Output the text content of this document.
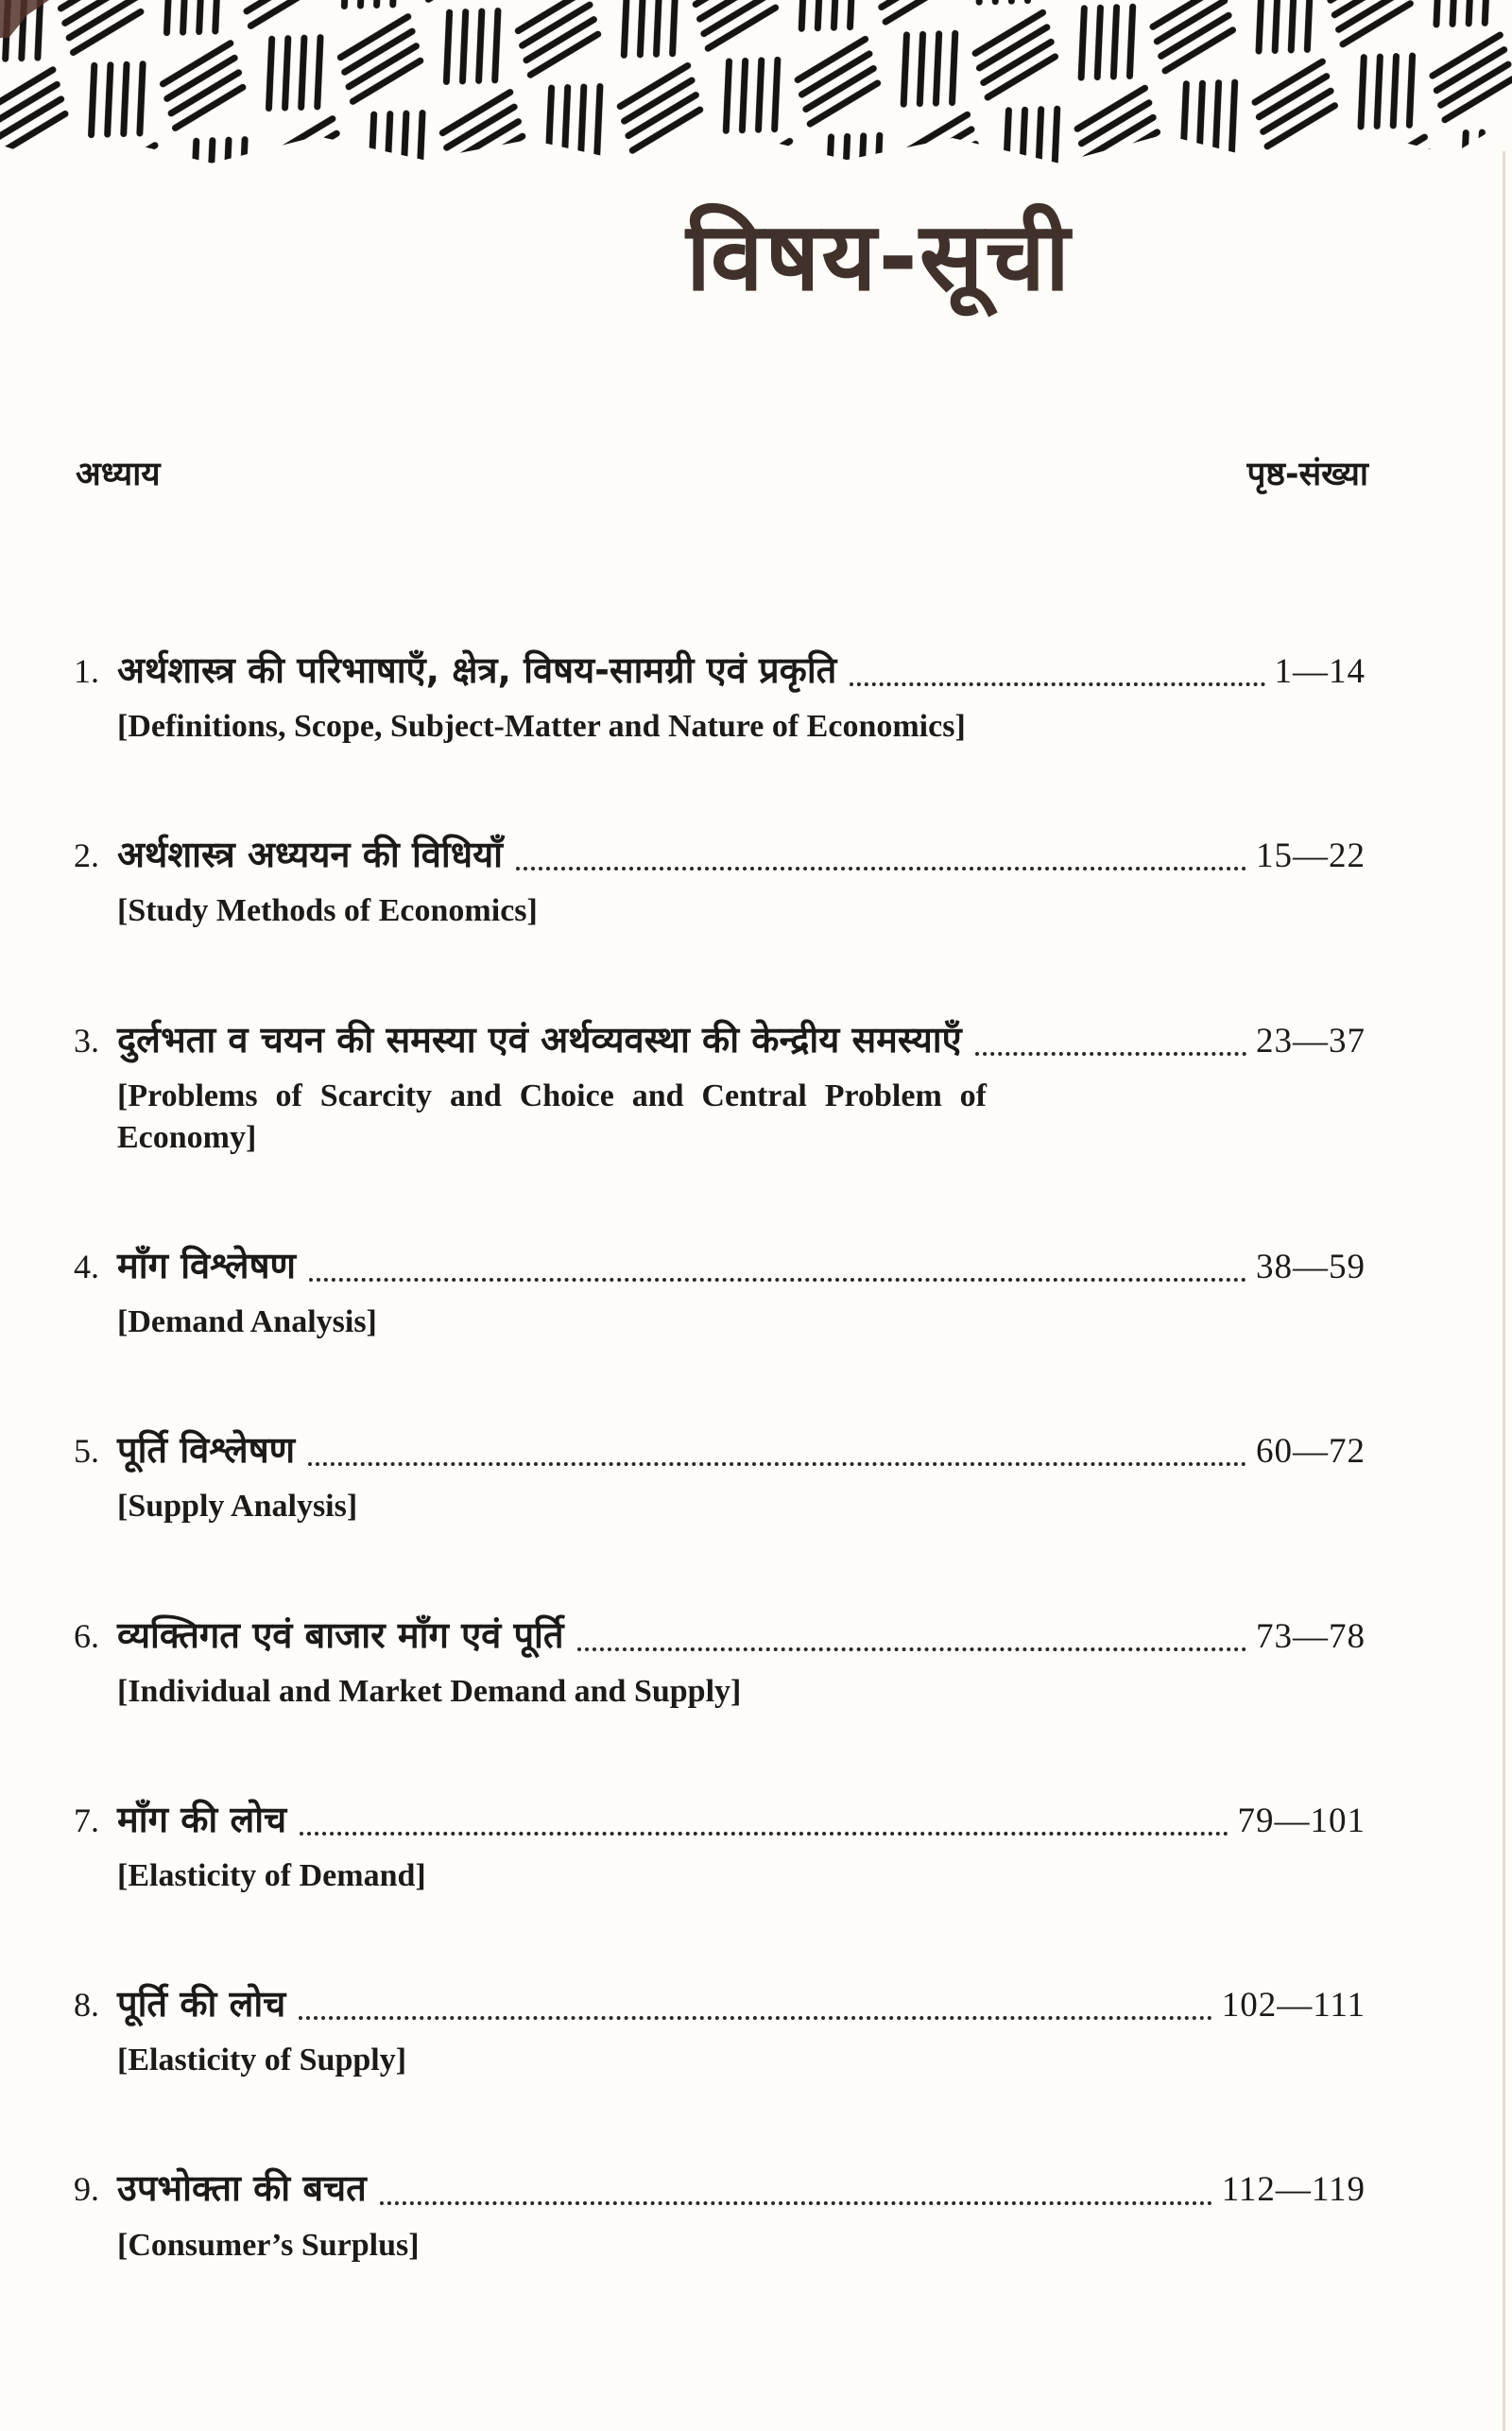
विषय-सूची
अध्याय	पृष्ठ-संख्या
1. अर्थशास्त्र की परिभाषाएँ, क्षेत्र, विषय-सामग्री एवं प्रकृति	1—14
[Definitions, Scope, Subject-Matter and Nature of Economics]
2. अर्थशास्त्र अध्ययन की विधियाँ	15—22
[Study Methods of Economics]
3. दुर्लभता व चयन की समस्या एवं अर्थव्यवस्था की केन्द्रीय समस्याएँ	23—37
[Problems of Scarcity and Choice and Central Problem of Economy]
4. माँग विश्लेषण	38—59
[Demand Analysis]
5. पूर्ति विश्लेषण	60—72
[Supply Analysis]
6. व्यक्तिगत एवं बाजार माँग एवं पूर्ति	73—78
[Individual and Market Demand and Supply]
7. माँग की लोच	79—101
[Elasticity of Demand]
8. पूर्ति की लोच	102—111
[Elasticity of Supply]
9. उपभोक्ता की बचत	112—119
[Consumer’s Surplus]
